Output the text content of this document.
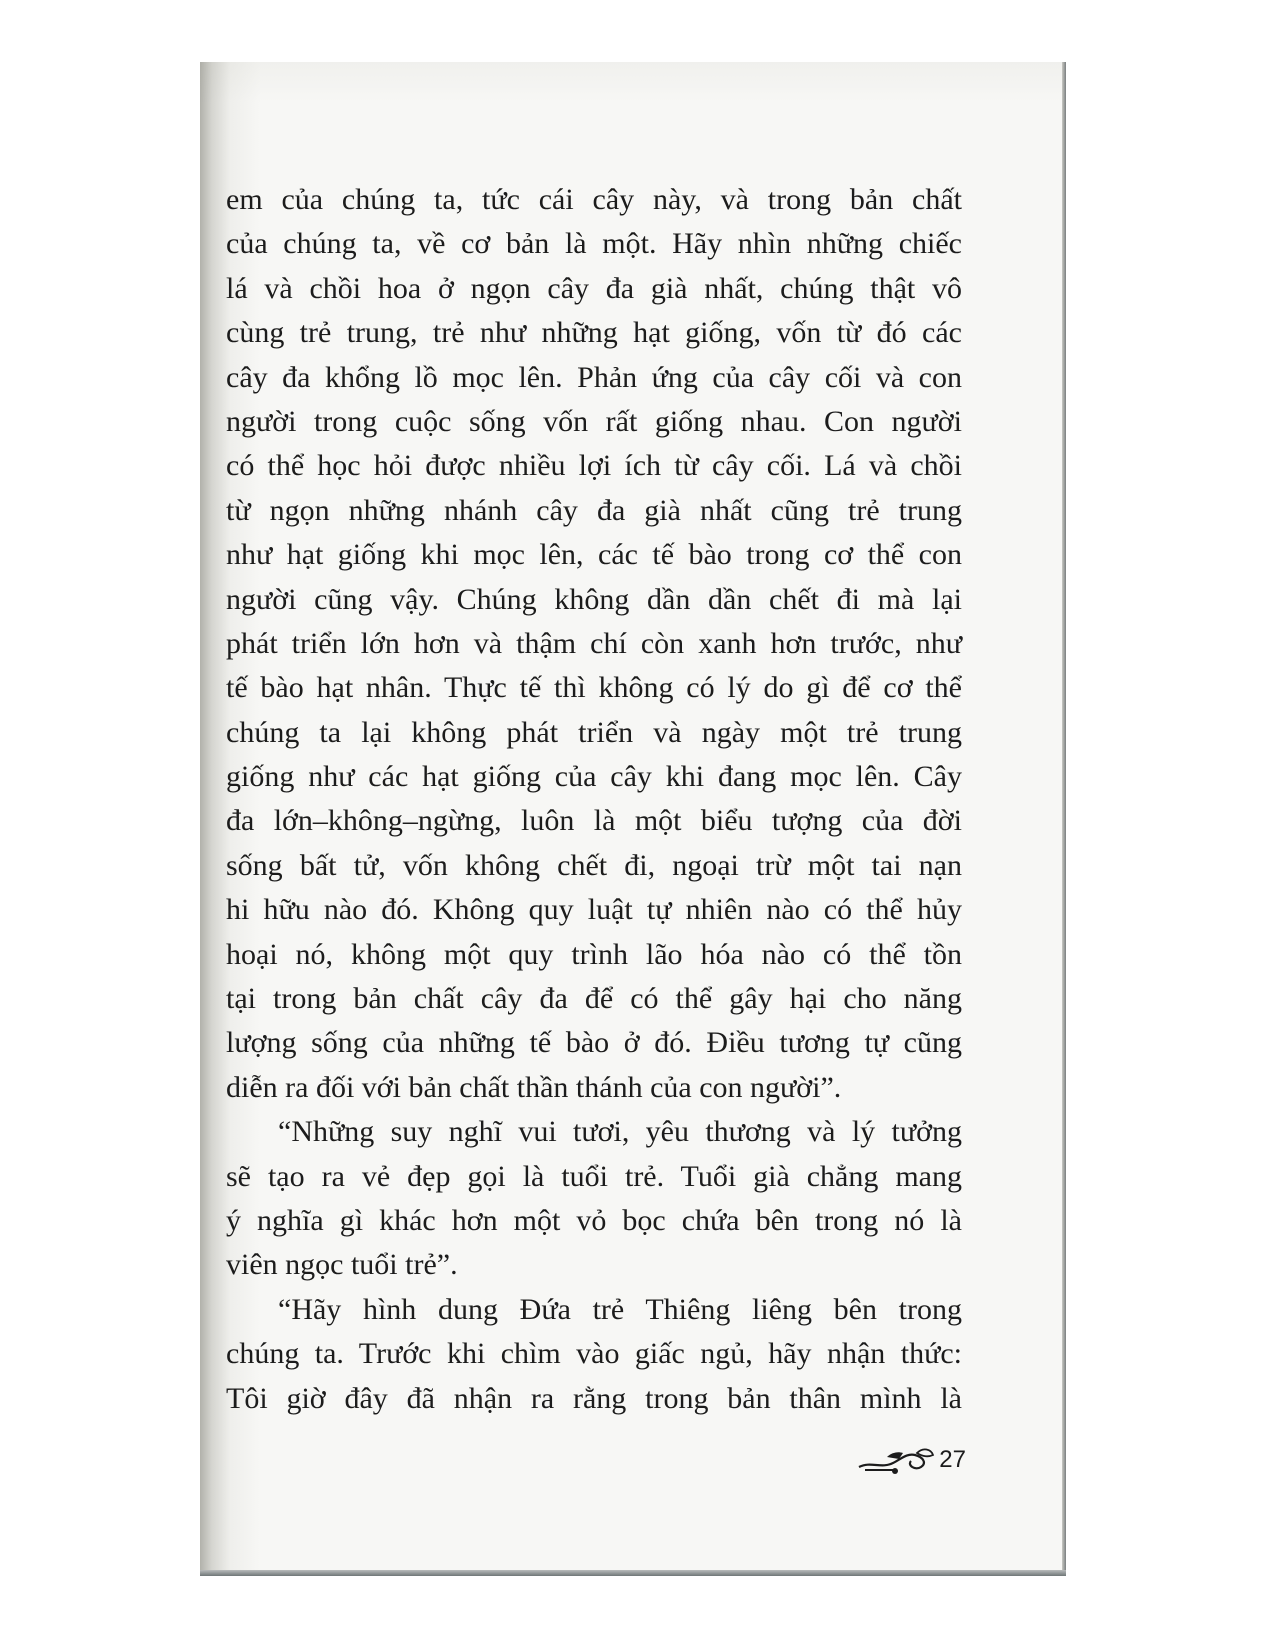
em của chúng ta, tức cái cây này, và trong bản chất
của chúng ta, về cơ bản là một. Hãy nhìn những chiếc
lá và chồi hoa ở ngọn cây đa già nhất, chúng thật vô
cùng trẻ trung, trẻ như những hạt giống, vốn từ đó các
cây đa khổng lồ mọc lên. Phản ứng của cây cối và con
người trong cuộc sống vốn rất giống nhau. Con người
có thể học hỏi được nhiều lợi ích từ cây cối. Lá và chồi
từ ngọn những nhánh cây đa già nhất cũng trẻ trung
như hạt giống khi mọc lên, các tế bào trong cơ thể con
người cũng vậy. Chúng không dần dần chết đi mà lại
phát triển lớn hơn và thậm chí còn xanh hơn trước, như
tế bào hạt nhân. Thực tế thì không có lý do gì để cơ thể
chúng ta lại không phát triển và ngày một trẻ trung
giống như các hạt giống của cây khi đang mọc lên. Cây
đa lớn–không–ngừng, luôn là một biểu tượng của đời
sống bất tử, vốn không chết đi, ngoại trừ một tai nạn
hi hữu nào đó. Không quy luật tự nhiên nào có thể hủy
hoại nó, không một quy trình lão hóa nào có thể tồn
tại trong bản chất cây đa để có thể gây hại cho năng
lượng sống của những tế bào ở đó. Điều tương tự cũng
diễn ra đối với bản chất thần thánh của con người”.
“Những suy nghĩ vui tươi, yêu thương và lý tưởng
sẽ tạo ra vẻ đẹp gọi là tuổi trẻ. Tuổi già chẳng mang
ý nghĩa gì khác hơn một vỏ bọc chứa bên trong nó là
viên ngọc tuổi trẻ”.
“Hãy hình dung Đứa trẻ Thiêng liêng bên trong
chúng ta. Trước khi chìm vào giấc ngủ, hãy nhận thức:
Tôi giờ đây đã nhận ra rằng trong bản thân mình là
27
